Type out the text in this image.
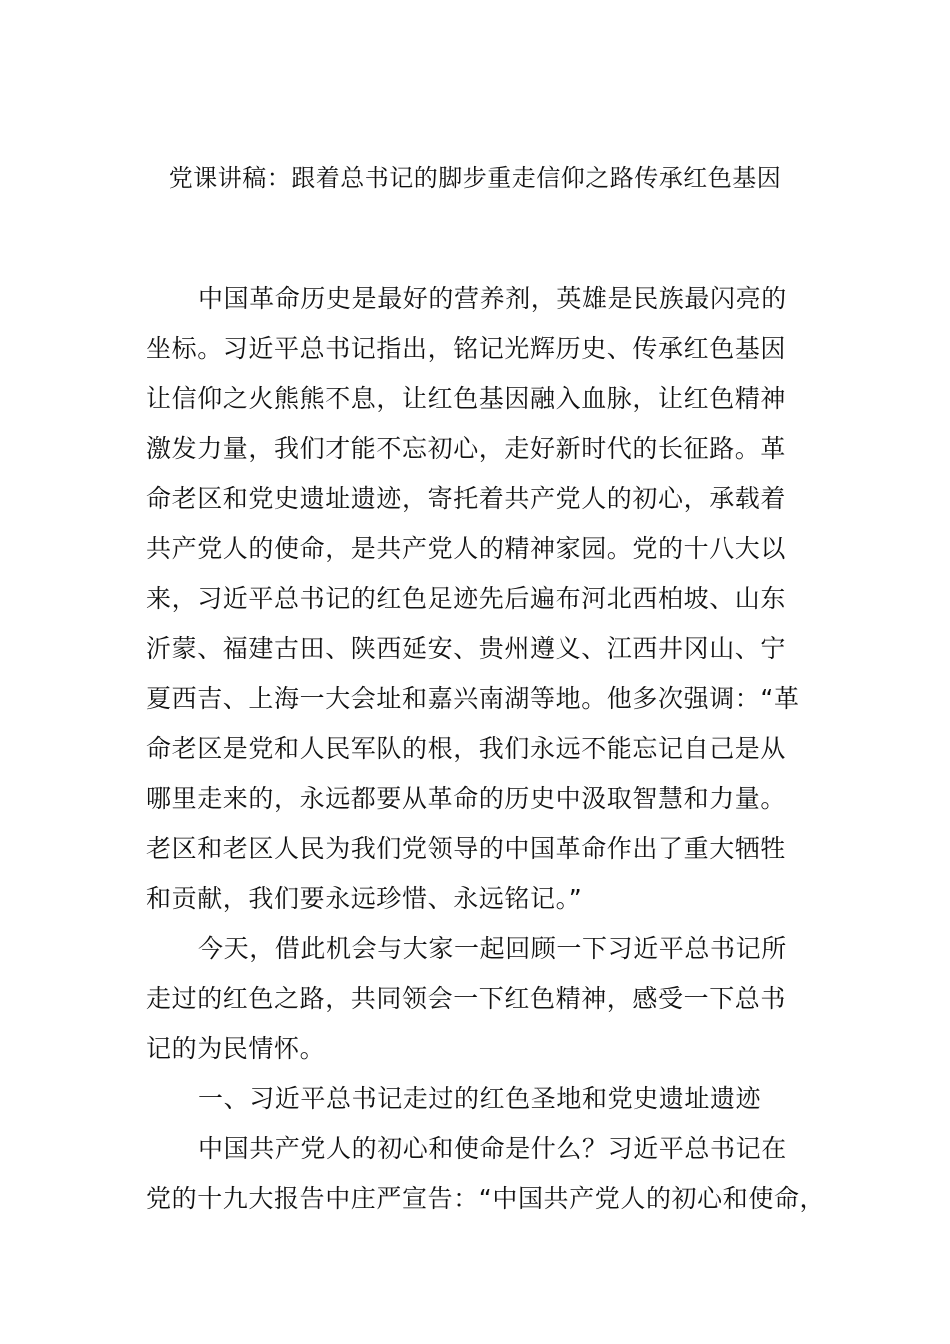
党课讲稿：跟着总书记的脚步重走信仰之路传承红色基因
中国革命历史是最好的营养剂，英雄是民族最闪亮的
坐标。习近平总书记指出，铭记光辉历史、传承红色基因
让信仰之火熊熊不息，让红色基因融入血脉，让红色精神
激发力量，我们才能不忘初心，走好新时代的长征路。革
命老区和党史遗址遗迹，寄托着共产党人的初心，承载着
共产党人的使命，是共产党人的精神家园。党的十八大以
来，习近平总书记的红色足迹先后遍布河北西柏坡、山东
沂蒙、福建古田、陕西延安、贵州遵义、江西井冈山、宁
夏西吉、上海一大会址和嘉兴南湖等地。他多次强调：“革
命老区是党和人民军队的根，我们永远不能忘记自己是从
哪里走来的，永远都要从革命的历史中汲取智慧和力量。
老区和老区人民为我们党领导的中国革命作出了重大牺牲
和贡献，我们要永远珍惜、永远铭记。”
今天，借此机会与大家一起回顾一下习近平总书记所
走过的红色之路，共同领会一下红色精神，感受一下总书
记的为民情怀。
一、习近平总书记走过的红色圣地和党史遗址遗迹
中国共产党人的初心和使命是什么？习近平总书记在
党的十九大报告中庄严宣告：“中国共产党人的初心和使命，
